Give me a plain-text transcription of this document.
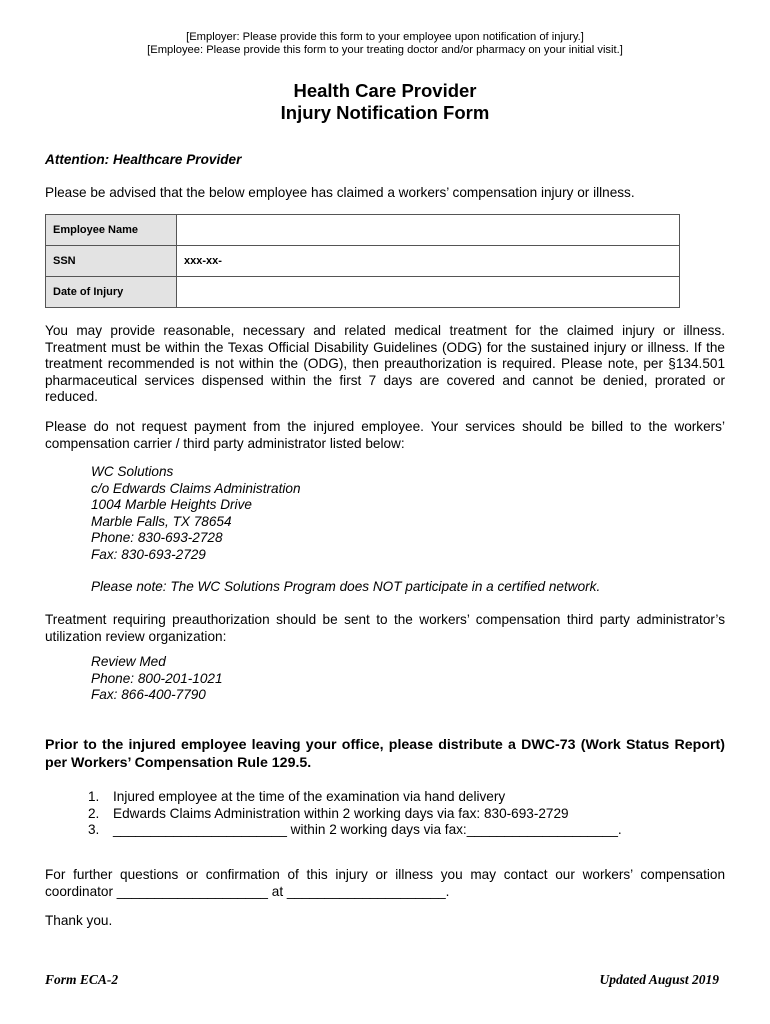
[Employer: Please provide this form to your employee upon notification of injury.]
[Employee: Please provide this form to your treating doctor and/or pharmacy on your initial visit.]
Health Care Provider
Injury Notification Form
Attention: Healthcare Provider
Please be advised that the below employee has claimed a workers’ compensation injury or illness.
Employee Name	
SSN	xxx-xx-
Date of Injury	
You may provide reasonable, necessary and related medical treatment for the claimed injury or illness. Treatment must be within the Texas Official Disability Guidelines (ODG) for the sustained injury or illness. If the treatment recommended is not within the (ODG), then preauthorization is required. Please note, per §134.501 pharmaceutical services dispensed within the first 7 days are covered and cannot be denied, prorated or reduced.
Please do not request payment from the injured employee. Your services should be billed to the workers’ compensation carrier / third party administrator listed below:
WC Solutions
c/o Edwards Claims Administration
1004 Marble Heights Drive
Marble Falls, TX 78654
Phone: 830-693-2728
Fax: 830-693-2729
Please note: The WC Solutions Program does NOT participate in a certified network.
Treatment requiring preauthorization should be sent to the workers’ compensation third party administrator’s utilization review organization:
Review Med
Phone: 800-201-1021
Fax: 866-400-7790
Prior to the injured employee leaving your office, please distribute a DWC-73 (Work Status Report) per Workers’ Compensation Rule 129.5.
1.	Injured employee at the time of the examination via hand delivery
2.	Edwards Claims Administration within 2 working days via fax: 830-693-2729
3.	_______________________ within 2 working days via fax:____________________.
For further questions or confirmation of this injury or illness you may contact our workers’ compensation coordinator ____________________ at _____________________.
Thank you.
Form ECA-2	Updated August 2019
